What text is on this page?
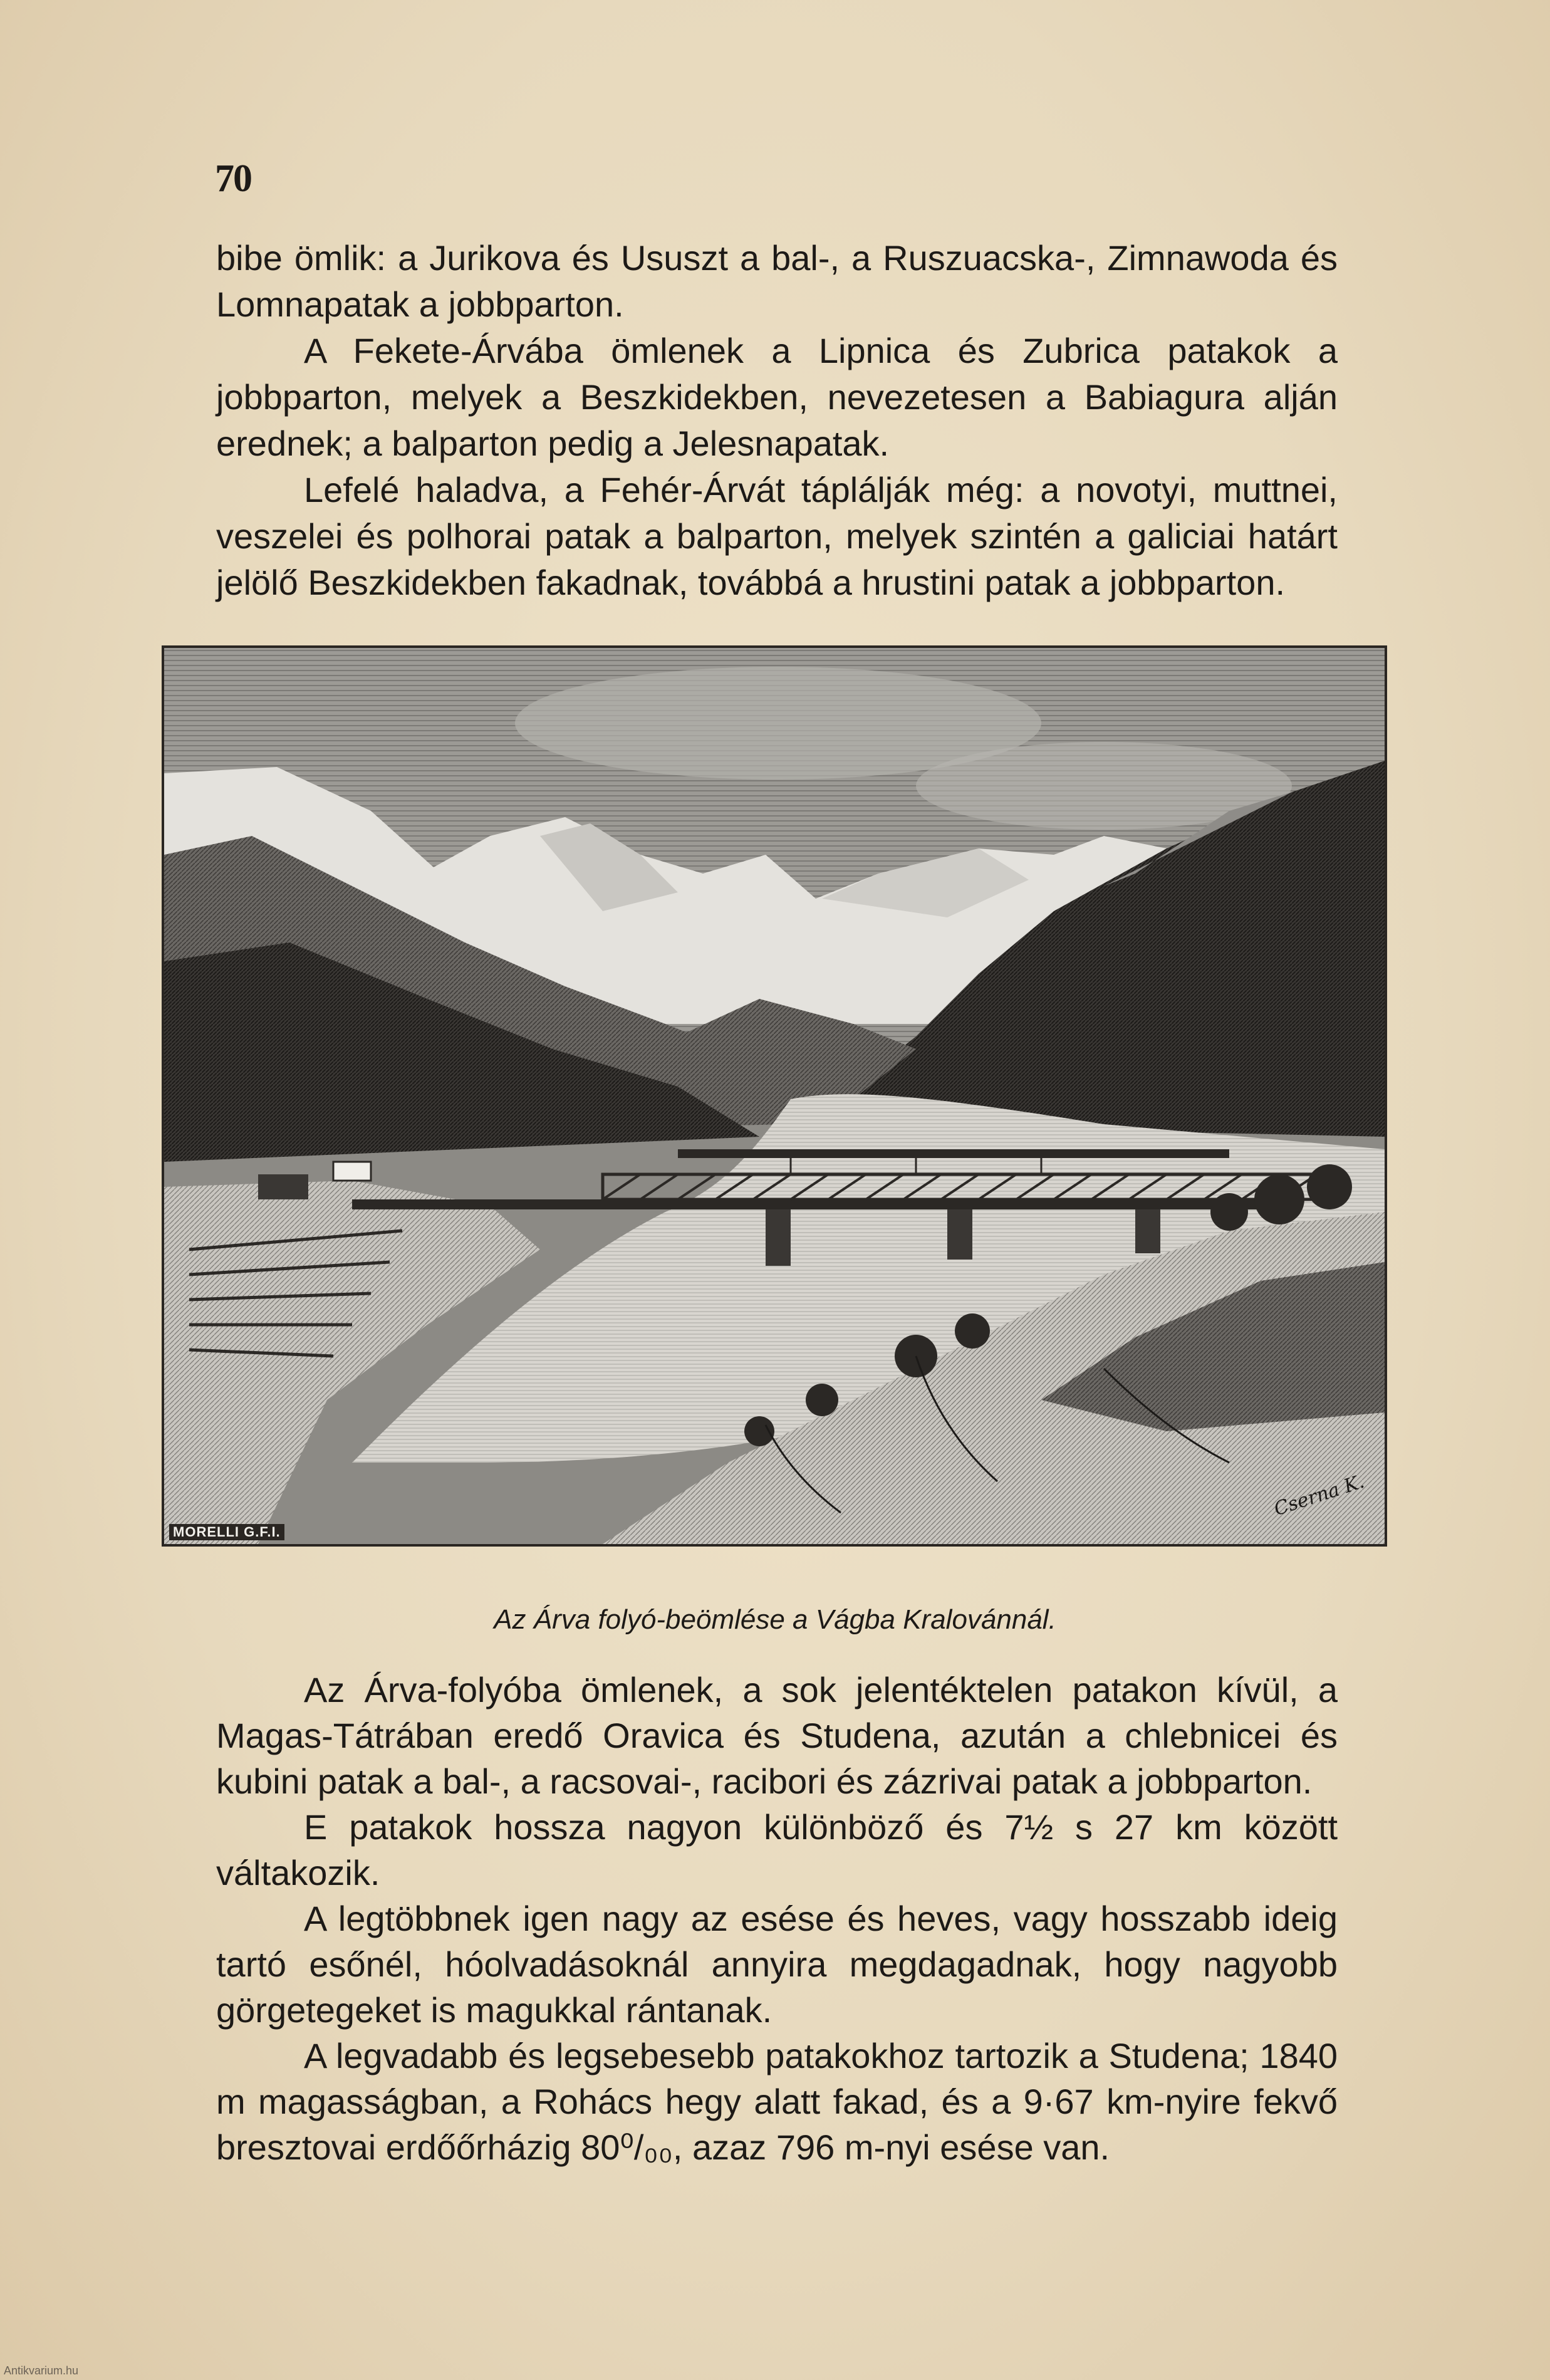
70

bibe ömlik: a Jurikova és Ususzt a bal-, a Ruszuacska-, Zimnawoda és Lomnapatak a jobbparton.

A Fekete-Árvába ömlenek a Lipnica és Zubrica patakok a jobbparton, melyek a Beszkidekben, nevezetesen a Babiagura alján erednek; a balparton pedig a Jelesnapatak.

Lefelé haladva, a Fehér-Árvát táplálják még: a novotyi, muttnei, veszelei és polhorai patak a balparton, melyek szintén a galiciai határt jelölő Beszkidekben fakadnak, továbbá a hrustini patak a jobbparton.

MORELLI G.F.I.
Cserna K.
Az Árva folyó-beömlése a Vágba Kralovánnál.

Az Árva-folyóba ömlenek, a sok jelentéktelen patakon kívül, a Magas-Tátrában eredő Oravica és Studena, azután a chlebnicei és kubini patak a bal-, a racsovai-, racibori és zázrivai patak a jobbparton.

E patakok hossza nagyon különböző és 7½ s 27 km között váltakozik.

A legtöbbnek igen nagy az esése és heves, vagy hosszabb ideig tartó esőnél, hóolvadásoknál annyira megdagadnak, hogy nagyobb görgetegeket is magukkal rántanak.

A legvadabb és legsebesebb patakokhoz tartozik a Studena; 1840 m magasságban, a Rohács hegy alatt fakad, és a 9·67 km-nyire fekvő bresztovai erdőőrházig 80⁰/₀₀, azaz 796 m-nyi esése van.

Antikvarium.hu
